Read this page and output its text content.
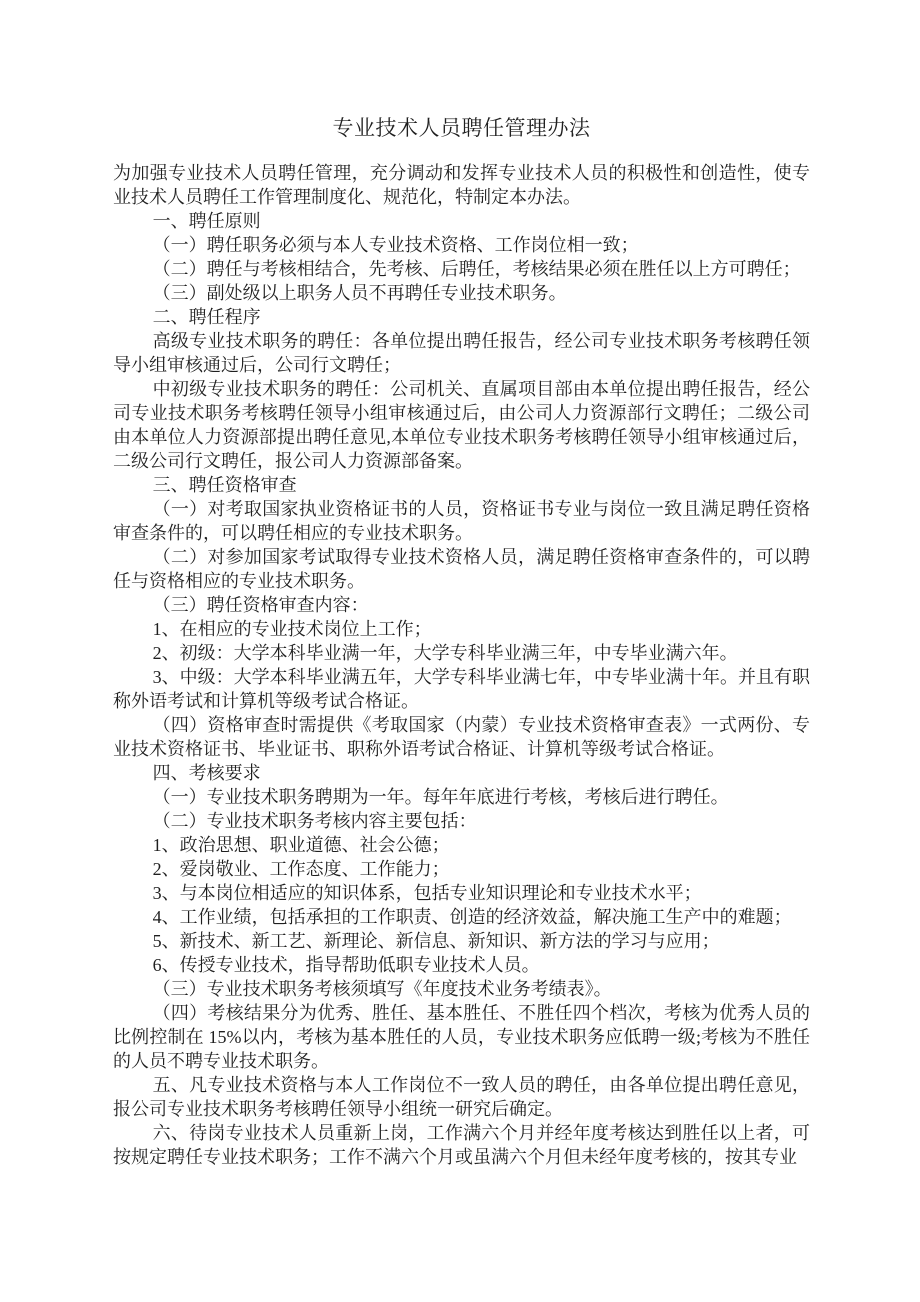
专业技术人员聘任管理办法

为加强专业技术人员聘任管理，充分调动和发挥专业技术人员的积极性和创造性，使专业技术人员聘任工作管理制度化、规范化，特制定本办法。

一、聘任原则

（一）聘任职务必须与本人专业技术资格、工作岗位相一致；

（二）聘任与考核相结合，先考核、后聘任，考核结果必须在胜任以上方可聘任；

（三）副处级以上职务人员不再聘任专业技术职务。

二、聘任程序

高级专业技术职务的聘任：各单位提出聘任报告，经公司专业技术职务考核聘任领导小组审核通过后，公司行文聘任；

中初级专业技术职务的聘任：公司机关、直属项目部由本单位提出聘任报告，经公司专业技术职务考核聘任领导小组审核通过后，由公司人力资源部行文聘任；二级公司由本单位人力资源部提出聘任意见,本单位专业技术职务考核聘任领导小组审核通过后，二级公司行文聘任，报公司人力资源部备案。

三、聘任资格审查

（一）对考取国家执业资格证书的人员，资格证书专业与岗位一致且满足聘任资格审查条件的，可以聘任相应的专业技术职务。

（二）对参加国家考试取得专业技术资格人员，满足聘任资格审查条件的，可以聘任与资格相应的专业技术职务。

（三）聘任资格审查内容：

1、在相应的专业技术岗位上工作；

2、初级：大学本科毕业满一年，大学专科毕业满三年，中专毕业满六年。

3、中级：大学本科毕业满五年，大学专科毕业满七年，中专毕业满十年。并且有职称外语考试和计算机等级考试合格证。

（四）资格审查时需提供《考取国家（内蒙）专业技术资格审查表》一式两份、专业技术资格证书、毕业证书、职称外语考试合格证、计算机等级考试合格证。

四、考核要求

（一）专业技术职务聘期为一年。每年年底进行考核，考核后进行聘任。

（二）专业技术职务考核内容主要包括：

1、政治思想、职业道德、社会公德；

2、爱岗敬业、工作态度、工作能力；

3、与本岗位相适应的知识体系，包括专业知识理论和专业技术水平；

4、工作业绩，包括承担的工作职责、创造的经济效益，解决施工生产中的难题；

5、新技术、新工艺、新理论、新信息、新知识、新方法的学习与应用；

6、传授专业技术，指导帮助低职专业技术人员。

（三）专业技术职务考核须填写《年度技术业务考绩表》。

（四）考核结果分为优秀、胜任、基本胜任、不胜任四个档次，考核为优秀人员的比例控制在 15%以内，考核为基本胜任的人员，专业技术职务应低聘一级;考核为不胜任的人员不聘专业技术职务。

五、凡专业技术资格与本人工作岗位不一致人员的聘任，由各单位提出聘任意见，报公司专业技术职务考核聘任领导小组统一研究后确定。

六、待岗专业技术人员重新上岗，工作满六个月并经年度考核达到胜任以上者，可按规定聘任专业技术职务；工作不满六个月或虽满六个月但未经年度考核的，按其专业
